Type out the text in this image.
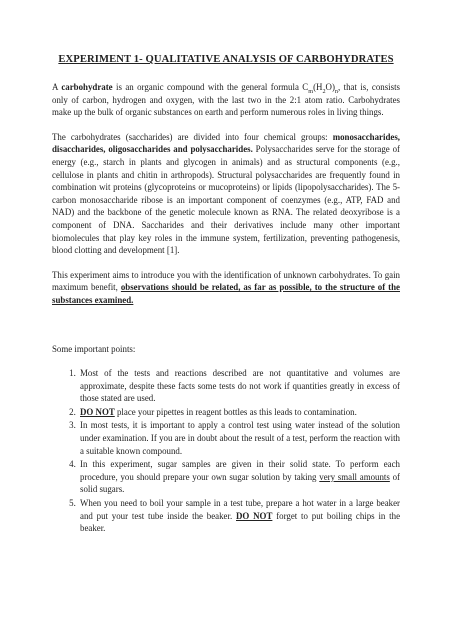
EXPERIMENT 1- QUALITATIVE ANALYSIS OF CARBOHYDRATES

A carbohydrate is an organic compound with the general formula $C_m(H_2O)_n$, that is, consists only of carbon, hydrogen and oxygen, with the last two in the 2:1 atom ratio. Carbohydrates make up the bulk of organic substances on earth and perform numerous roles in living things.

The carbohydrates (saccharides) are divided into four chemical groups: monosaccharides, disaccharides, oligosaccharides and polysaccharides. Polysaccharides serve for the storage of energy (e.g., starch in plants and glycogen in animals) and as structural components (e.g., cellulose in plants and chitin in arthropods). Structural polysaccharides are frequently found in combination wit proteins (glycoproteins or mucoproteins) or lipids (lipopolysaccharides). The 5-carbon monosaccharide ribose is an important component of coenzymes (e.g., ATP, FAD and NAD) and the backbone of the genetic molecule known as RNA. The related deoxyribose is a component of DNA. Saccharides and their derivatives include many other important biomolecules that play key roles in the immune system, fertilization, preventing pathogenesis, blood clotting and development [1].

This experiment aims to introduce you with the identification of unknown carbohydrates. To gain maximum benefit, observations should be related, as far as possible, to the structure of the substances examined.

Some important points:

1. Most of the tests and reactions described are not quantitative and volumes are approximate, despite these facts some tests do not work if quantities greatly in excess of those stated are used.
2. DO NOT place your pipettes in reagent bottles as this leads to contamination.
3. In most tests, it is important to apply a control test using water instead of the solution under examination. If you are in doubt about the result of a test, perform the reaction with a suitable known compound.
4. In this experiment, sugar samples are given in their solid state. To perform each procedure, you should prepare your own sugar solution by taking very small amounts of solid sugars.
5. When you need to boil your sample in a test tube, prepare a hot water in a large beaker and put your test tube inside the beaker. DO NOT forget to put boiling chips in the beaker.
